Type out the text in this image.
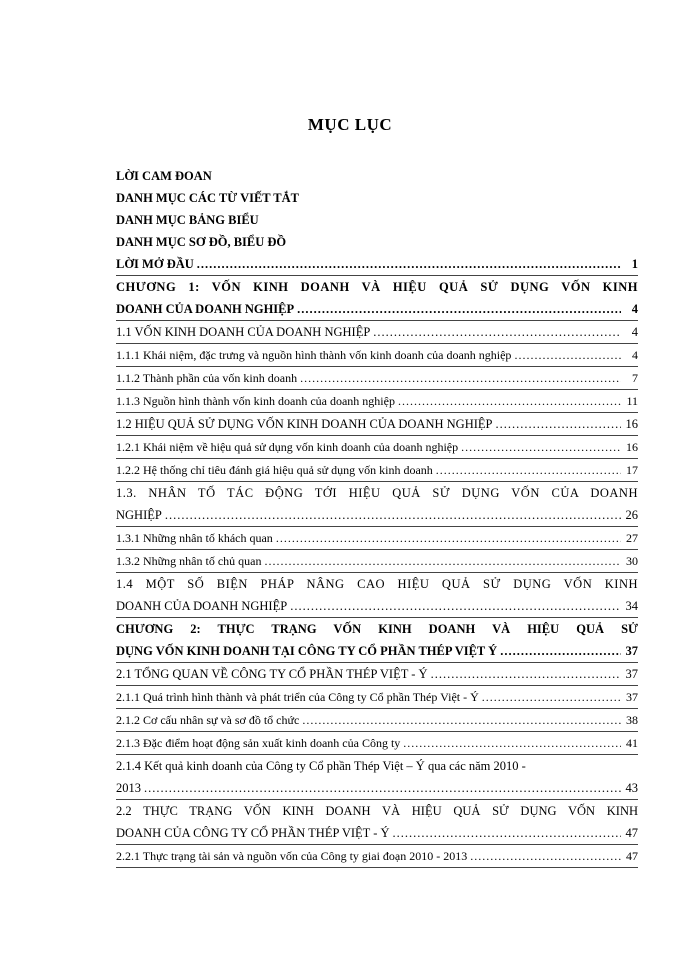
MỤC LỤC
LỜI CAM ĐOAN
DANH MỤC CÁC TỪ VIẾT TẮT
DANH MỤC BẢNG BIỂU
DANH MỤC SƠ ĐỒ, BIỂU ĐỒ
LỜI MỞ ĐẦU .....	1
CHƯƠNG 1: VỐN KINH DOANH VÀ HIỆU QUẢ SỬ DỤNG VỐN KINH
DOANH CỦA DOANH NGHIỆP .....	4
1.1 VỐN KINH DOANH CỦA DOANH NGHIỆP .....	4
1.1.1 Khái niệm, đặc trưng và nguồn hình thành vốn kinh doanh của doanh nghiệp .....	4
1.1.2 Thành phần của vốn kinh doanh .....	7
1.1.3 Nguồn hình thành vốn kinh doanh của doanh nghiệp .....	11
1.2 HIỆU QUẢ SỬ DỤNG VỐN KINH DOANH CỦA DOANH NGHIỆP .....	16
1.2.1 Khái niệm về hiệu quả sử dụng vốn kinh doanh của doanh nghiệp .....	16
1.2.2 Hệ thống chỉ tiêu đánh giá hiệu quả sử dụng vốn kinh doanh .....	17
1.3. NHÂN TỐ TÁC ĐỘNG TỚI HIỆU QUẢ SỬ DỤNG VỐN CỦA DOANH
NGHIỆP .....	26
1.3.1 Những nhân tố khách quan .....	27
1.3.2 Những nhân tố chủ quan .....	30
1.4 MỘT SỐ BIỆN PHÁP NÂNG CAO HIỆU QUẢ SỬ DỤNG VỐN KINH
DOANH CỦA DOANH NGHIỆP .....	34
CHƯƠNG 2: THỰC TRẠNG VỐN KINH DOANH VÀ HIỆU QUẢ SỬ
DỤNG VỐN KINH DOANH TẠI CÔNG TY CỔ PHẦN THÉP VIỆT Ý .....	37
2.1 TỔNG QUAN VỀ CÔNG TY CỔ PHẦN THÉP VIỆT - Ý .....	37
2.1.1 Quá trình hình thành và phát triển của Công ty Cổ phần Thép Việt - Ý .....	37
2.1.2 Cơ cấu nhân sự và sơ đồ tổ chức .....	38
2.1.3 Đặc điểm hoạt động sản xuất kinh doanh của Công ty .....	41
2.1.4 Kết quả kinh doanh của Công ty Cổ phần Thép Việt – Ý qua các năm 2010 -
2013 .....	43
2.2 THỰC TRẠNG VỐN KINH DOANH VÀ HIỆU QUẢ SỬ DỤNG VỐN KINH
DOANH CỦA CÔNG TY CỔ PHẦN THÉP VIỆT - Ý .....	47
2.2.1 Thực trạng tài sản và nguồn vốn của Công ty giai đoạn 2010 - 2013 .....	47
